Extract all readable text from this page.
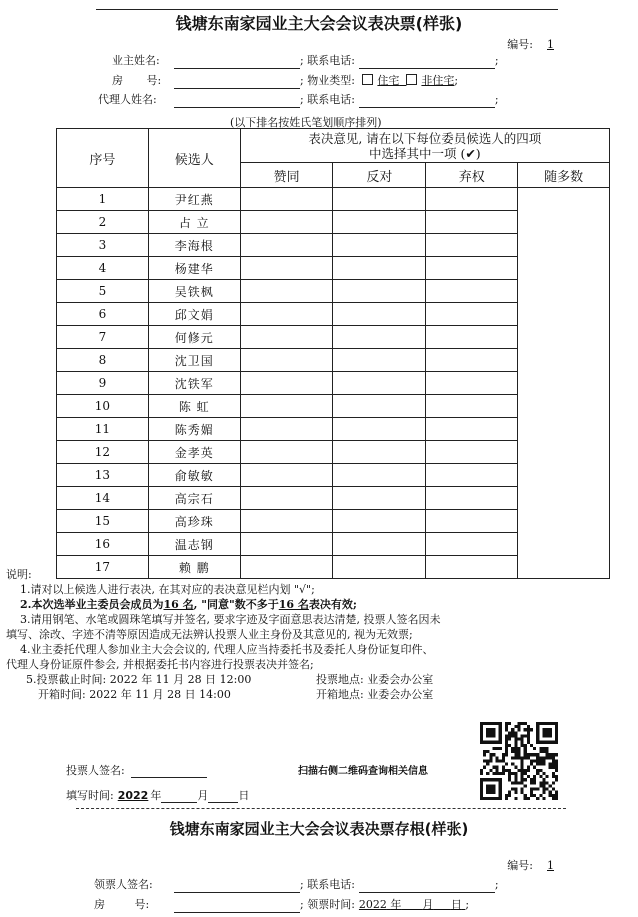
钱塘东南家园业主大会会议表决票(样张)
编号: 1
业主姓名:	; 联系电话:	;
房 号:	; 物业类型: 住宅 非住宅;
代理人姓名:	; 联系电话:	;
(以下排名按姓氏笔划顺序排列)
序号	候选人	表决意见, 请在以下每位委员候选人的四项
中选择其中一项 (✔)			

		赞同	反对	弃权	随多数
1	尹红燕				
2	占 立				
3	李海根				
4	杨建华				
5	吴铁枫				
6	邱文娟				
7	何修元				
8	沈卫国				
9	沈铁军				
10	陈 虹				
11	陈秀媚				
12	金孝英				
13	俞敏敏				
14	高宗石				
15	高珍珠				
16	温志钢				
17	赖 鹏				

说明:

1.请对以上候选人进行表决, 在其对应的表决意见栏内划 "√";

2.本次选举业主委员会成员为16 名, "同意"数不多于16 名表决有效;

3.请用钢笔、水笔或圆珠笔填写并签名, 要求字迹及字面意思表达清楚, 投票人签名因未

填写、涂改、字迹不清等原因造成无法辨认投票人业主身份及其意见的, 视为无效票;

4.业主委托代理人参加业主大会会议的, 代理人应当持委托书及委托人身份证复印件、

代理人身份证原件参会, 并根据委托书内容进行投票表决并签名;

5.投票截止时间: 2022 年 11 月 28 日 12:00	投票地点: 业委会办公室

开箱时间: 2022 年 11 月 28 日 14:00	开箱地点: 业委会办公室

投票人签名:	扫描右侧二维码查询相关信息
填写时间: 2022 年	月	日
钱塘东南家园业主大会会议表决票存根(样张)
编号: 1
领票人签名:	; 联系电话:	;
房 号:	; 领票时间: 2022 年 月 日 ;
